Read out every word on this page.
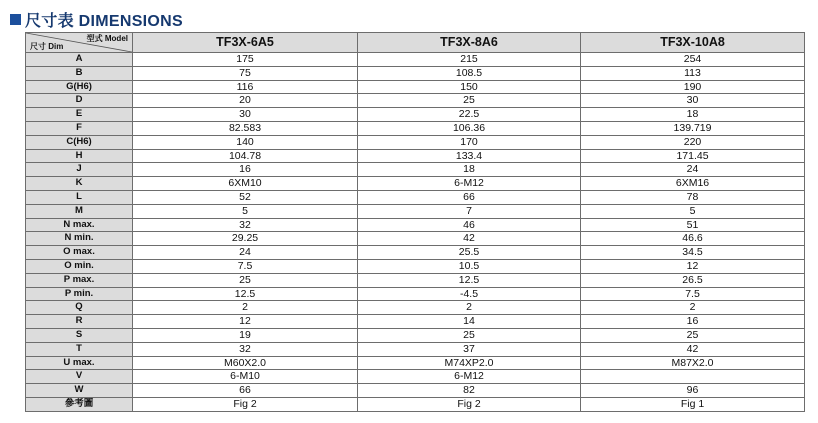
尺寸表 DIMENSIONS
型式 Model
尺寸 Dim	TF3X-6A5	TF3X-8A6	TF3X-10A8
A	175	215	254
B	75	108.5	113
G(H6)	116	150	190
D	20	25	30
E	30	22.5	18
F	82.583	106.36	139.719
C(H6)	140	170	220
H	104.78	133.4	171.45
J	16	18	24
K	6XM10	6-M12	6XM16
L	52	66	78
M	5	7	5
N max.	32	46	51
N min.	29.25	42	46.6
O max.	24	25.5	34.5
O min.	7.5	10.5	12
P max.	25	12.5	26.5
P min.	12.5	-4.5	7.5
Q	2	2	2
R	12	14	16
S	19	25	25
T	32	37	42
U max.	M60X2.0	M74XP2.0	M87X2.0
V	6-M10	6-M12	
W	66	82	96
參考圖	Fig 2	Fig 2	Fig 1
